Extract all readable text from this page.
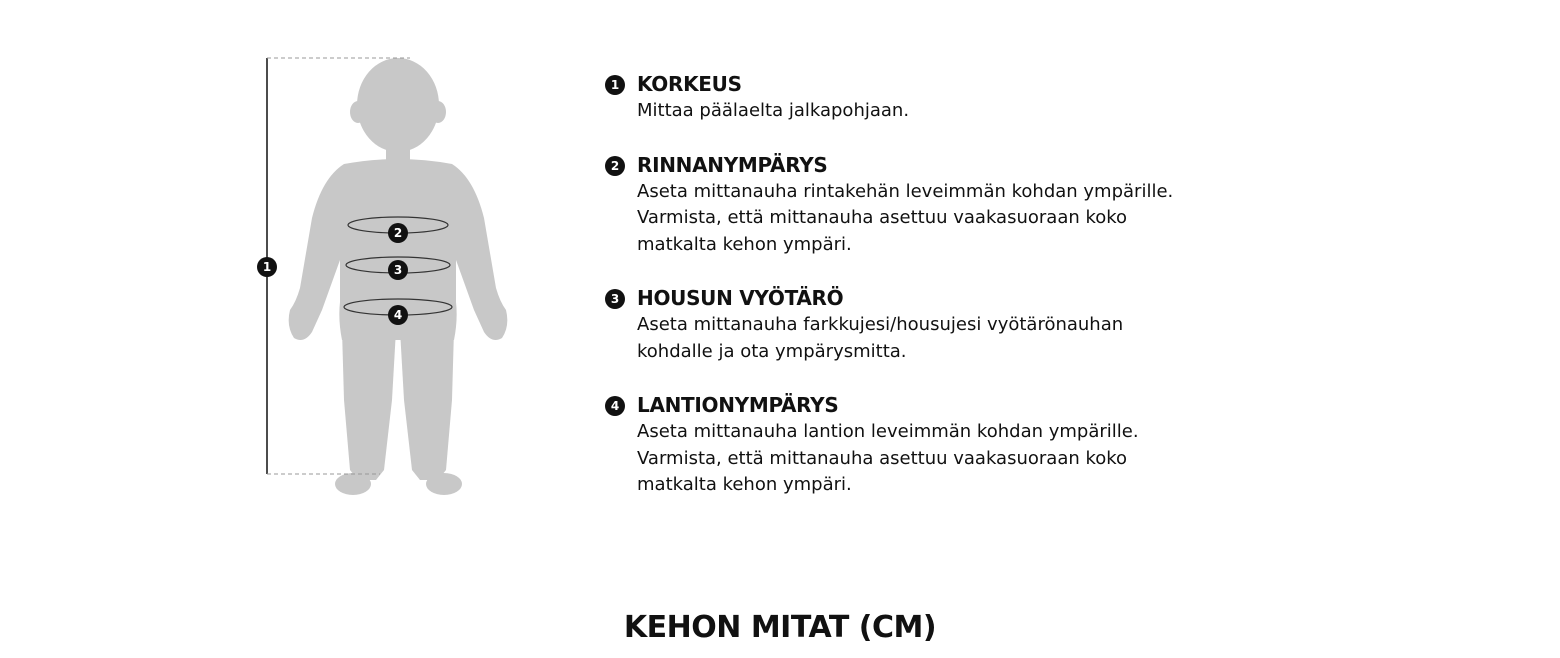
1
2
3
4
1 KORKEUS
Mittaa päälaelta jalkapohjaan.
2 RINNANYMPÄRYS
Aseta mittanauha rintakehän leveimmän kohdan ympärille.
Varmista, että mittanauha asettuu vaakasuoraan koko
matkalta kehon ympäri.
3 HOUSUN VYÖTÄRÖ
Aseta mittanauha farkkujesi/housujesi vyötärönauhan
kohdalle ja ota ympärysmitta.
4 LANTIONYMPÄRYS
Aseta mittanauha lantion leveimmän kohdan ympärille.
Varmista, että mittanauha asettuu vaakasuoraan koko
matkalta kehon ympäri.
KEHON MITAT (CM)
